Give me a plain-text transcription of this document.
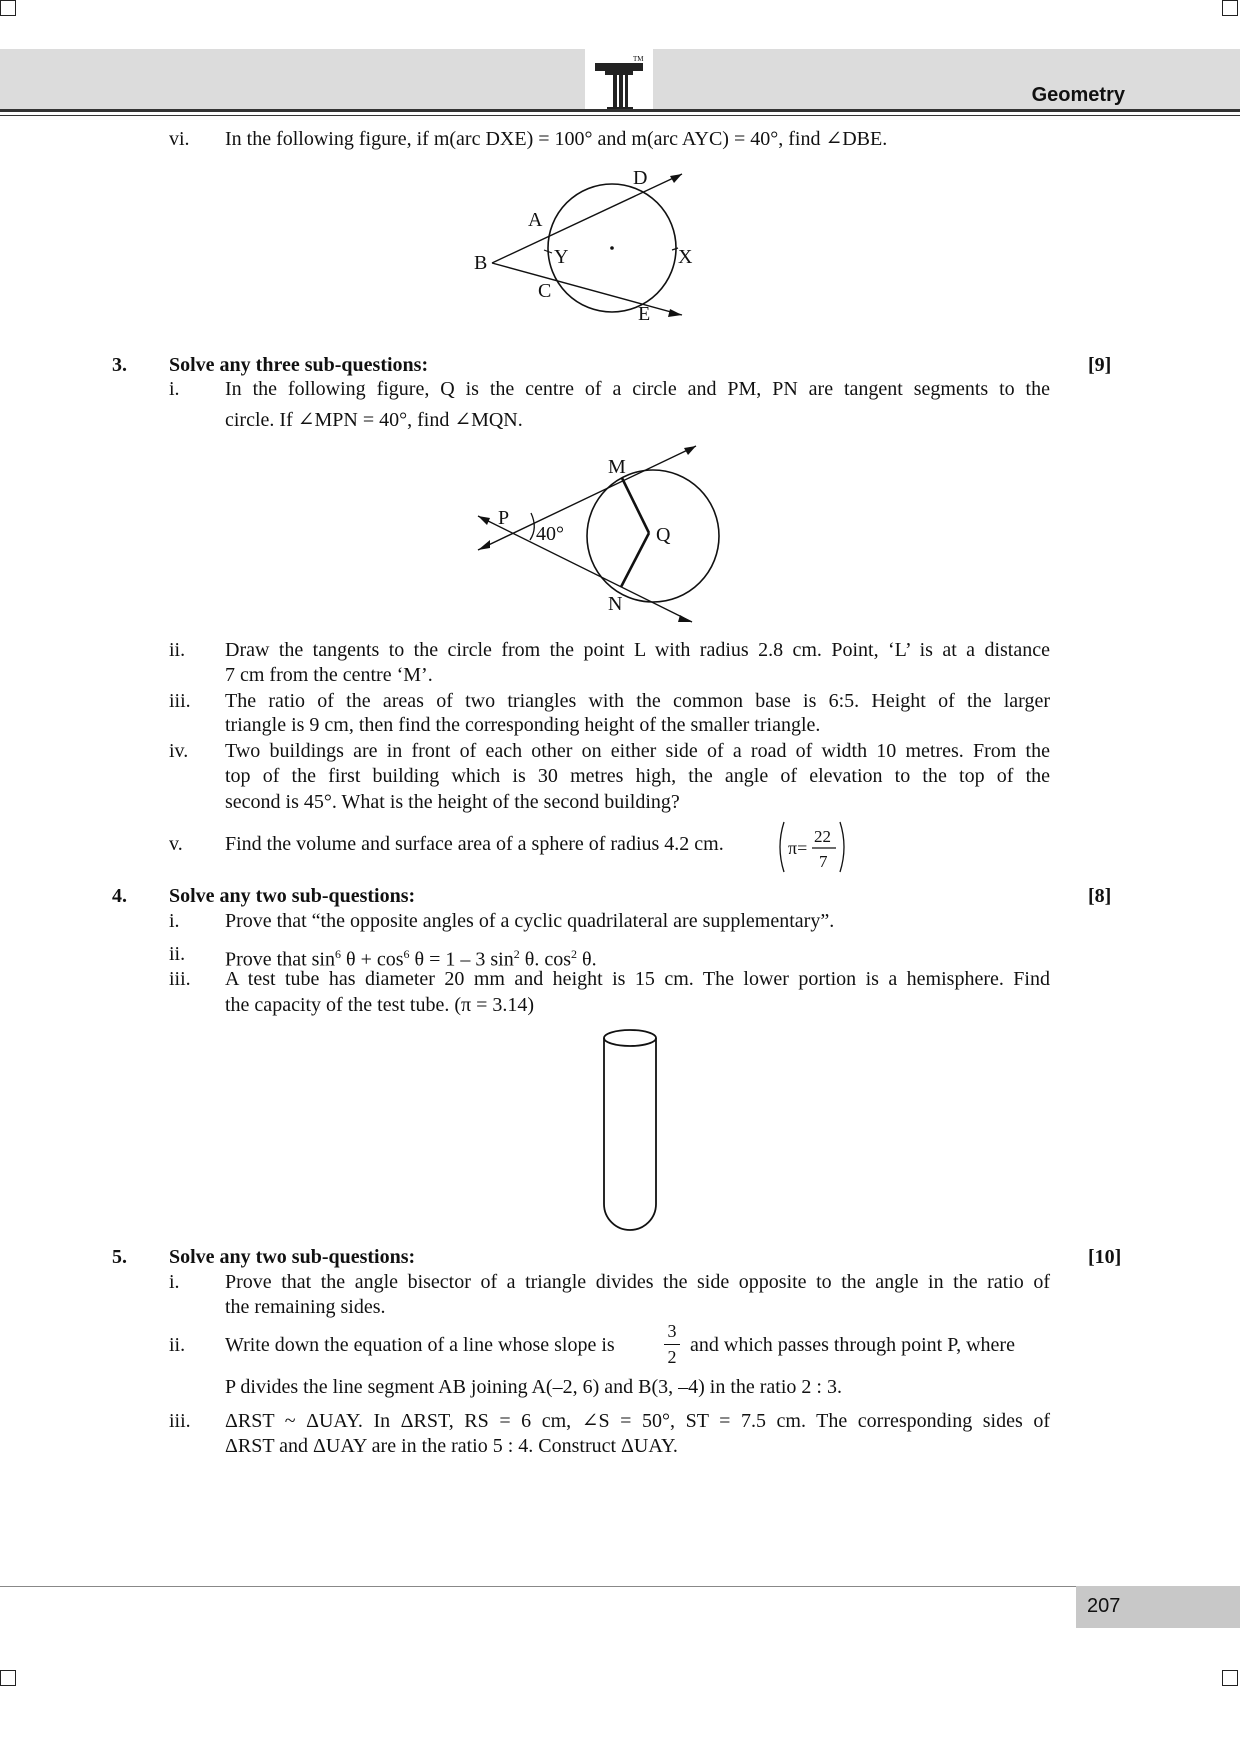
TM
Geometry
vi. In the following figure, if m(arc DXE) = 100° and m(arc AYC) = 40°, find ∠DBE.
D
A
B	Y	X
C
E
3. Solve any three sub-questions:	[9]
i. In the following figure, Q is the centre of a circle and PM, PN are tangent segments to the
circle. If ∠MPN = 40°, find ∠MQN.
M
P
40°	Q
N
ii. Draw the tangents to the circle from the point L with radius 2.8 cm. Point, ‘L’ is at a distance
7 cm from the centre ‘M’.
iii. The ratio of the areas of two triangles with the common base is 6:5. Height of the larger
triangle is 9 cm, then find the corresponding height of the smaller triangle.
iv. Two buildings are in front of each other on either side of a road of width 10 metres. From the
top of the first building which is 30 metres high, the angle of elevation to the top of the
second is 45°. What is the height of the second building?
v. Find the volume and surface area of a sphere of radius 4.2 cm.	π=
22
7
4. Solve any two sub-questions:	[8]
i. Prove that “the opposite angles of a cyclic quadrilateral are supplementary”.
ii. Prove that $\sin^6 \theta + \cos^6 \theta = 1 - 3$ $\sin^2 \theta$. $\cos^2 \theta$.
iii. A test tube has diameter 20 mm and height is 15 cm. The lower portion is a hemisphere. Find
the capacity of the test tube. (π = 3.14)
5. Solve any two sub-questions:	[10]
i. Prove that the angle bisector of a triangle divides the side opposite to the angle in the ratio of
the remaining sides.
ii. Write down the equation of a line whose slope is
3
2
and which passes through point P, where
P divides the line segment AB joining A(–2, 6) and B(3, –4) in the ratio 2 : 3.
iii. ΔRST ~ ΔUAY. In ΔRST, RS = 6 cm, ∠S = 50°, ST = 7.5 cm. The corresponding sides of
ΔRST and ΔUAY are in the ratio 5 : 4. Construct ΔUAY.
207
